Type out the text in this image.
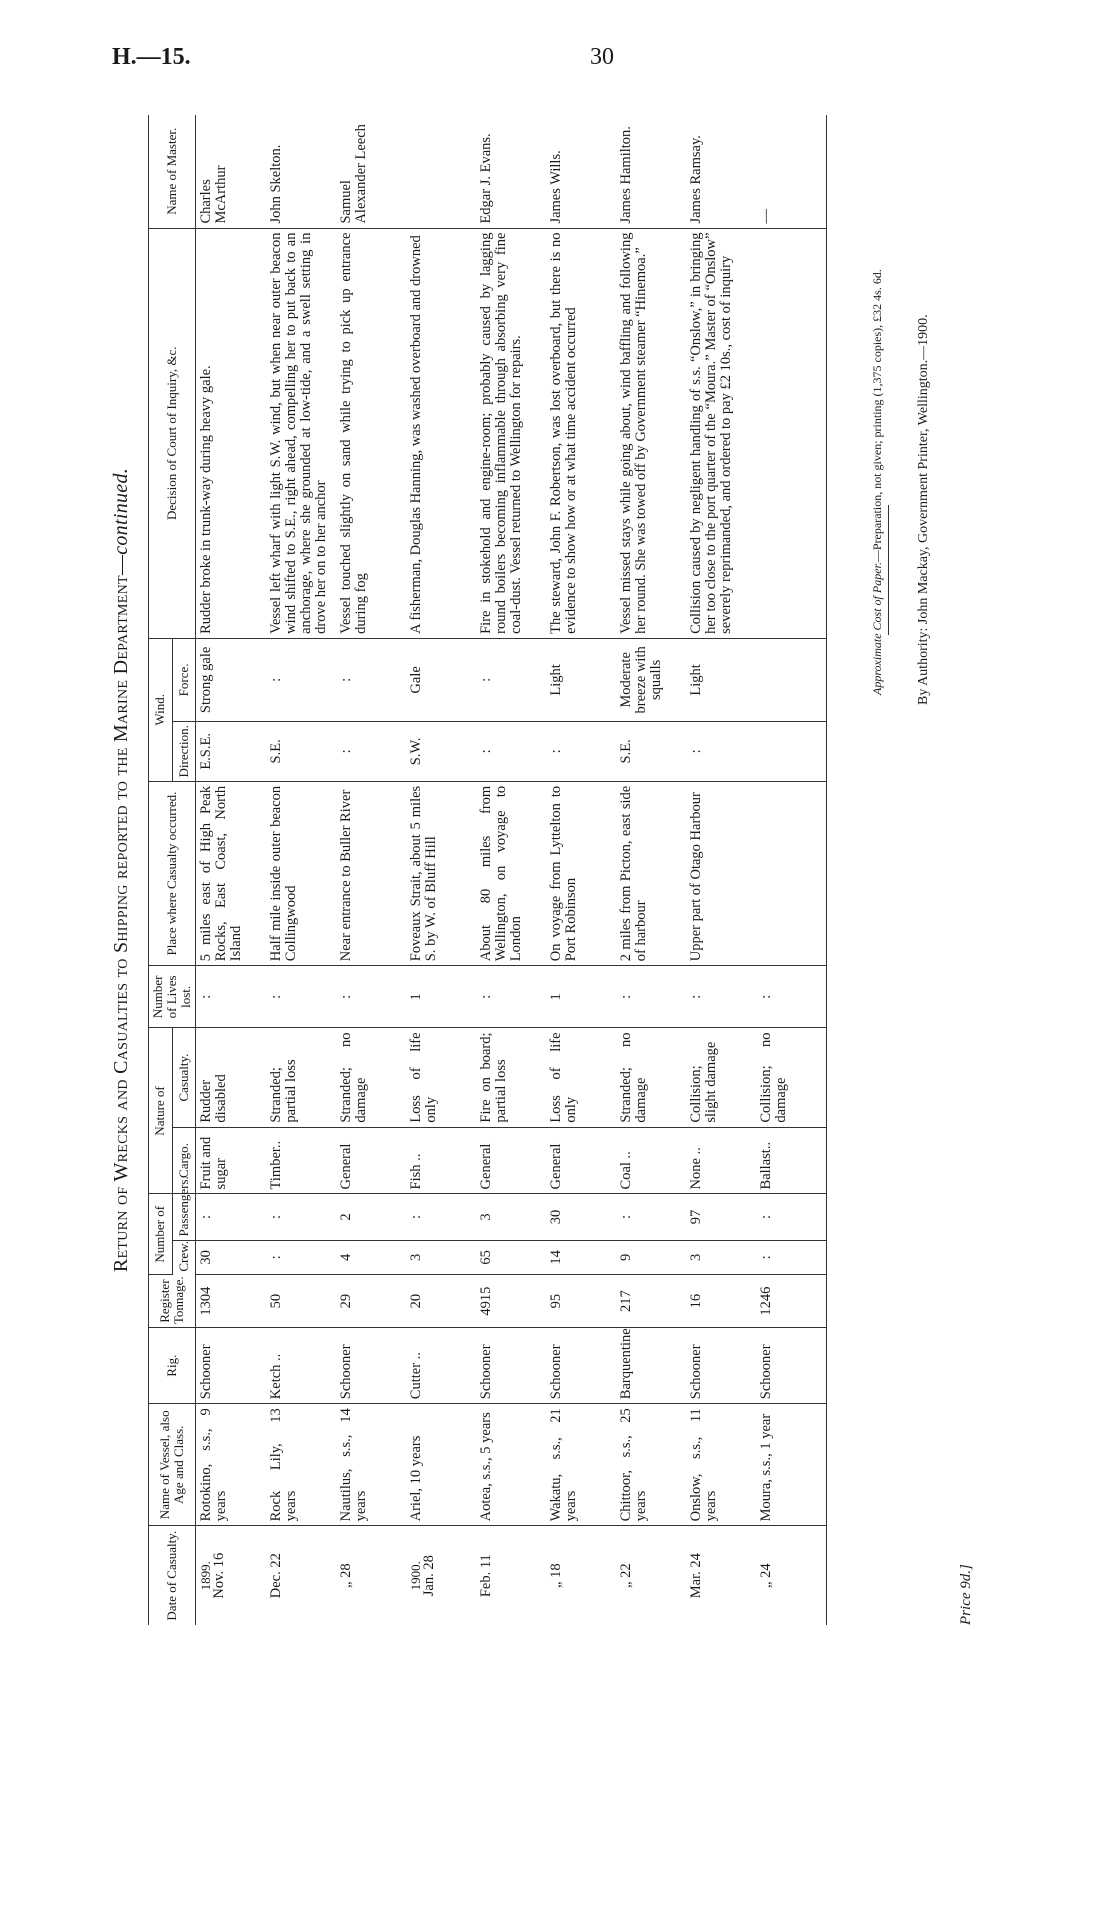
H.—15.	30
Return of Wrecks and Casualties to Shipping reported to the Marine Department—continued.
Date of Casualty.	Name of Vessel, also Age and Class.	Rig.	Register Tonnage.	Number of		Nature of		Number of Lives lost.	Place where Casualty occurred.	Wind.		Decision of Court of Inquiry, &c.	Name of Master.
				Crew.	Passengers.	Cargo.	Casualty.			Direction.	Force.		

1899.
Nov. 16	Rotokino, s.s., 9 years	Schooner	1304	30	:	Fruit and sugar	Rudder disabled	:	5 miles east of High Peak Rocks, East Coast, North Island	E.S.E.	Strong gale	Rudder broke in trunk-way during heavy gale.	Charles McArthur
Dec. 22	Rock Lily, 13 years	Ketch ..	50	:	:	Timber..	Stranded; partial loss	:	Half mile inside outer beacon Collingwood	S.E.	:	Vessel left wharf with light S.W. wind, but when near outer beacon wind shifted to S.E., right ahead, compelling her to put back to an anchorage, where she grounded at low-tide, and a swell setting in drove her on to her anchor	John Skelton.
„ 28	Nautilus, s.s., 14 years	Schooner	29	4	2	General	Stranded; no damage	:	Near entrance to Buller River	:	:	Vessel touched slightly on sand while trying to pick up entrance during fog	Samuel Alexander Leech

1900.
Jan. 28	Ariel, 10 years	Cutter ..	20	3	:	Fish ..	Loss of life only	1	Foveaux Strait, about 5 miles S. by W. of Bluff Hill	S.W.	Gale	A fisherman, Douglas Hanning, was washed overboard and drowned	
Feb. 11	Aotea, s.s., 5 years	Schooner	4915	65	3	General	Fire on board; partial loss	:	About 80 miles from Wellington, on voyage to London	:	:	Fire in stokehold and engine-room; probably caused by lagging round boilers becoming inflammable through absorbing very fine coal-dust. Vessel returned to Wellington for repairs.	Edgar J. Evans.
„ 18	Wakatu, s.s., 21 years	Schooner	95	14	30	General	Loss of life only	1	On voyage from Lyttelton to Port Robinson	:	Light	The steward, John F. Robertson, was lost overboard, but there is no evidence to show how or at what time accident occurred	James Wills.
„ 22	Chittoor, s.s., 25 years	Barquentine	217	9	:	Coal ..	Stranded; no damage	:	2 miles from Picton, east side of harbour	S.E.	Moderate breeze with squalls	Vessel missed stays while going about, wind baffling and following her round. She was towed off by Government steamer “Hinemoa.”	James Hamilton.
Mar. 24	Onslow, s.s., 11 years	Schooner	16	3	97	None ..	Collision; slight damage	:	Upper part of Otago Harbour	:	Light	Collision caused by negligent handling of s.s. “Onslow,” in bringing her too close to the port quarter of the “Moura.” Master of “Onslow” severely reprimanded, and ordered to pay £2 10s., cost of inquiry	James Ramsay.
„ 24	Moura, s.s., 1 year	Schooner	1246	:	:	Ballast..	Collision; no damage	:					—
Approximate Cost of Paper.—Preparation, not given; printing (1,375 copies), £32 4s. 6d. By Authority: John Mackay, Government Printer, Wellington.—1900.
Price 9d.]
